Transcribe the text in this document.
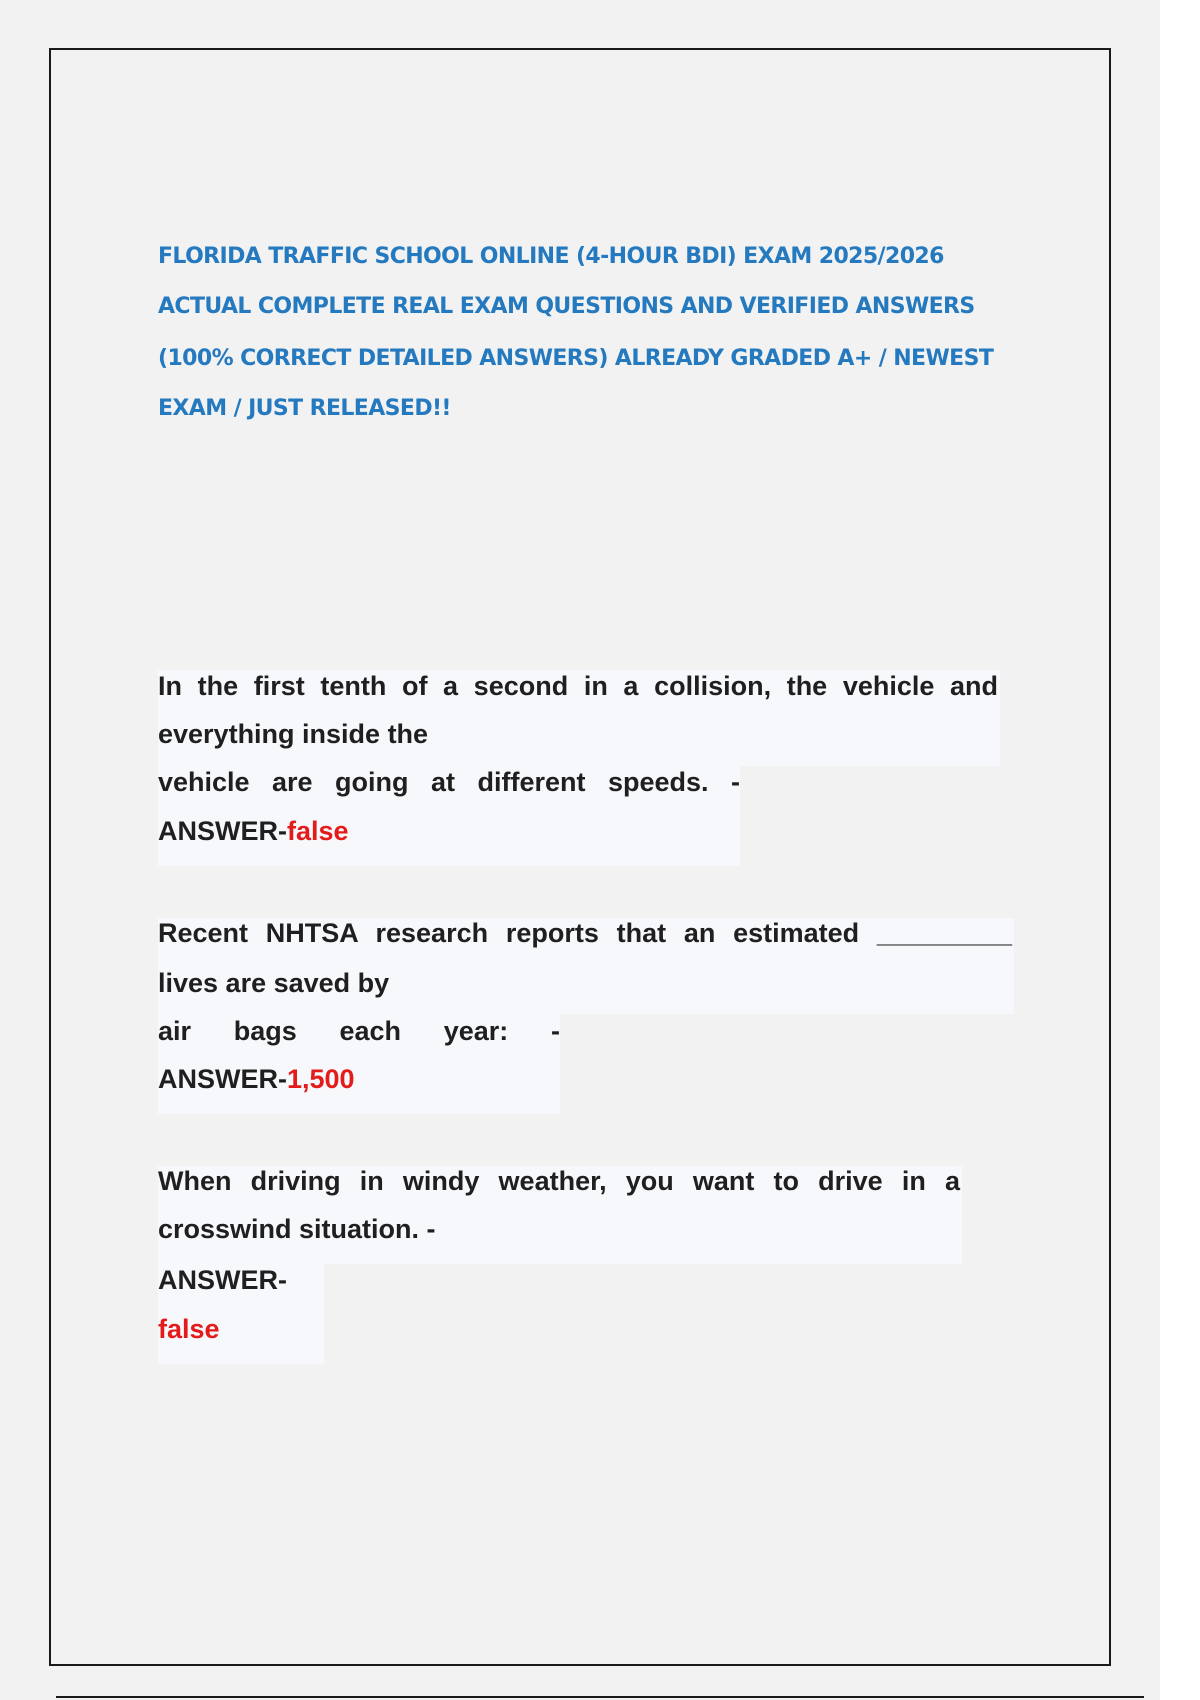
FLORIDA TRAFFIC SCHOOL ONLINE (4-HOUR BDI) EXAM 2025/2026
ACTUAL COMPLETE REAL EXAM QUESTIONS AND VERIFIED ANSWERS
(100% CORRECT DETAILED ANSWERS) ALREADY GRADED A+ / NEWEST
EXAM / JUST RELEASED!!
In the first tenth of a second in a collision, the vehicle and
everything inside the
vehicle are going at different speeds. -
ANSWER-false
Recent NHTSA research reports that an estimated _________
lives are saved by
air bags each year: -
ANSWER-1,500
When driving in windy weather, you want to drive in a
crosswind situation. -
ANSWER-
false
